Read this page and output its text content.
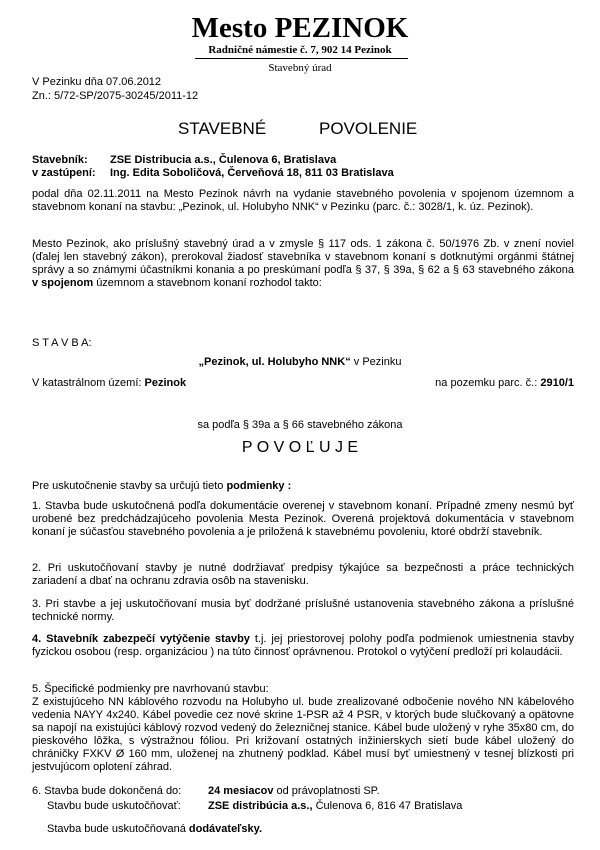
Mesto PEZINOK
Radničné námestie č. 7, 902 14 Pezinok
Stavebný úrad
V Pezinku dňa 07.06.2012
Zn.: 5/72-SP/2075-30245/2011-12
STAVEBNÉ	POVOLENIE
Stavebník: ZSE Distribucia a.s., Čulenova 6, Bratislava
v zastúpení: Ing. Edita Soboličová, Červeňová 18, 811 03 Bratislava

podal dňa 02.11.2011 na Mesto Pezinok návrh na vydanie stavebného povolenia v spojenom územnom a stavebnom konaní na stavbu: „Pezinok, ul. Holubyho NNK“ v Pezinku (parc. č.: 3028/1, k. úz. Pezinok).

Mesto Pezinok, ako príslušný stavebný úrad a v zmysle § 117 ods. 1 zákona č. 50/1976 Zb. v znení noviel (ďalej len stavebný zákon), prerokoval žiadosť stavebníka v stavebnom konaní s dotknutými orgánmi štátnej správy a so známymi účastníkmi konania a po preskúmaní podľa § 37, § 39a, § 62 a § 63 stavebného zákona v spojenom územnom a stavebnom konaní rozhodol takto:

S T A V B A:
„Pezinok, ul. Holubyho NNK“ v Pezinku
V katastrálnom území: Pezinok	na pozemku parc. č.: 2910/1
sa podľa § 39a a § 66 stavebného zákona
P O V O Ľ U J E
Pre uskutočnenie stavby sa určujú tieto podmienky :

1. Stavba bude uskutočnená podľa dokumentácie overenej v stavebnom konaní. Prípadné zmeny nesmú byť urobené bez predchádzajúceho povolenia Mesta Pezinok. Overená projektová dokumentácia v stavebnom konaní je súčasťou stavebného povolenia a je priložená k stavebnému povoleniu, ktoré obdrží stavebník.

2. Pri uskutočňovaní stavby je nutné dodržiavať predpisy týkajúce sa bezpečnosti a práce technických zariadení a dbať na ochranu zdravia osôb na stavenisku.

3. Pri stavbe a jej uskutočňovaní musia byť dodržané príslušné ustanovenia stavebného zákona a príslušné technické normy.

4. Stavebník zabezpečí vytýčenie stavby t.j. jej priestorovej polohy podľa podmienok umiestnenia stavby fyzickou osobou (resp. organizáciou ) na túto činnosť oprávnenou. Protokol o vytýčení predloží pri kolaudácii.

5. Špecifické podmienky pre navrhovanú stavbu:

Z existujúceho NN káblového rozvodu na Holubyho ul. bude zrealizované odbočenie nového NN kábelového vedenia NAYY 4x240. Kábel povedie cez nové skrine 1-PSR až 4 PSR, v ktorých bude slučkovaný a opätovne sa napojí na existujúci káblový rozvod vedený do železničnej stanice. Kábel bude uložený v ryhe 35x80 cm, do pieskového lôžka, s výstražnou fóliou. Pri križovaní ostatných inžinierskych sietí bude kábel uložený do chráničky FXKV Ø 160 mm, uloženej na zhutnený podklad. Kábel musí byť umiestnený v tesnej blízkosti pri jestvujúcom oplotení záhrad.

6. Stavba bude dokončená do: 24 mesiacov od právoplatnosti SP.
Stavbu bude uskutočňovať: ZSE distribúcia a.s., Čulenova 6, 816 47 Bratislava
Stavba bude uskutočňovaná dodávateľsky.
